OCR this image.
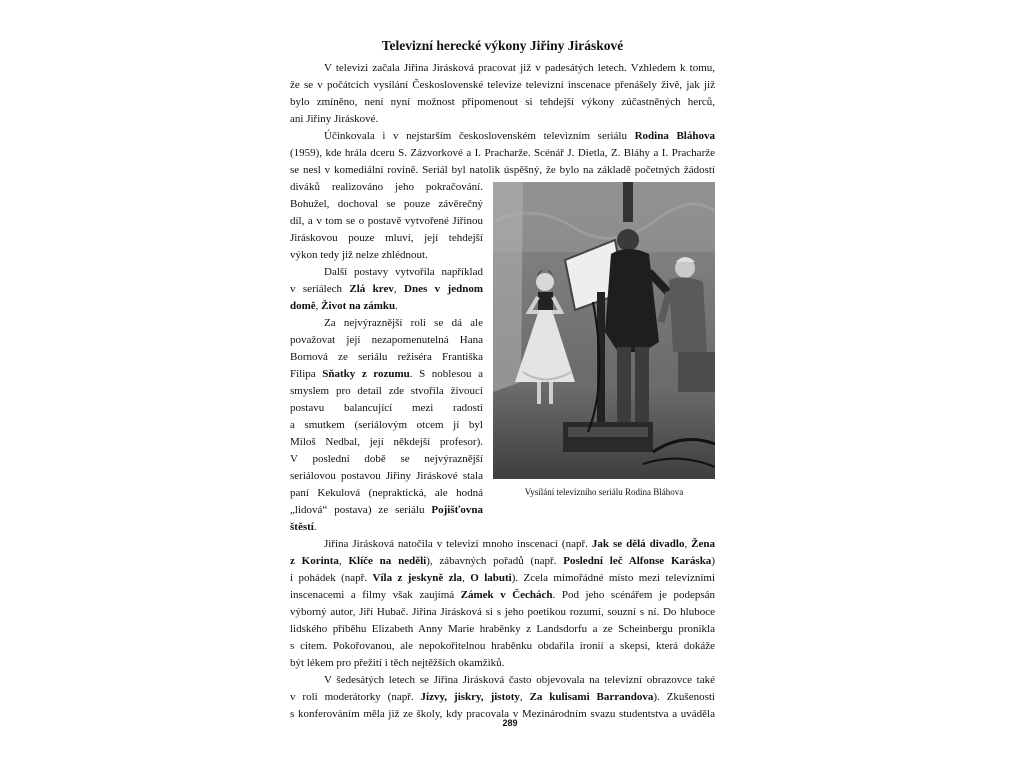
Televizní herecké výkony Jiřiny Jiráskové
V televizi začala Jiřina Jirásková pracovat již v padesátých letech. Vzhledem k tomu,
že se v počátcích vysílání Československé televize televizní inscenace přenášely živě, jak již
bylo zmíněno, není nyní možnost připomenout si tehdejší výkony zúčastněných herců,
ani Jiřiny Jiráskové.
Účinkovala i v nejstarším československém televizním seriálu Rodina Bláhova
(1959), kde hrála dceru S. Zázvorkové a I. Pracharže. Scénář J. Dietla, Z. Bláhy a I. Pracharže
se nesl v komediální rovině. Seriál byl natolik úspěšný, že bylo na základě početných žádostí
diváků realizováno jeho pokračování.
Bohužel, dochoval se pouze závěrečný
díl, a v tom se o postavě vytvořené Jiřinou
Jiráskovou pouze mluví, její tehdejší
výkon tedy již nelze zhlédnout.
Další postavy vytvořila například
v seriálech Zlá krev, Dnes v jednom
domě, Život na zámku.
Za nejvýraznější roli se dá ale
považovat její nezapomenutelná Hana
Bornová ze seriálu režiséra Františka
Filipa Sňatky z rozumu. S noblesou a
smyslem pro detail zde stvořila živoucí
postavu balancující mezi radostí
a smutkem (seriálovým otcem jí byl
Miloš Nedbal, její někdejší profesor).
V poslední době se nejvýraznější
seriálovou postavou Jiřiny Jiráskové stala
paní Kekulová (nepraktická, ale hodná
„lidová“ postava) ze seriálu Pojišťovna
štěstí.
Vysílání televizního seriálu Rodina Bláhova
Jiřina Jirásková natočila v televizi mnoho inscenací (např. Jak se dělá divadlo, Žena
z Korinta, Klíče na neděli), zábavných pořadů (např. Poslední leč Alfonse Karáska)
i pohádek (např. Víla z jeskyně zla, O labuti). Zcela mimořádné místo mezi televizními
inscenacemi a filmy však zaujímá Zámek v Čechách. Pod jeho scénářem je podepsán
výborný autor, Jiří Hubač. Jiřina Jirásková si s jeho poetikou rozumí, souzní s ní. Do hluboce
lidského příběhu Elizabeth Anny Marie hraběnky z Landsdorfu a ze Scheinbergu pronikla
s citem. Pokořovanou, ale nepokořitelnou hraběnku obdařila ironií a skepsí, která dokáže
být lékem pro přežití i těch nejtěžších okamžiků.
V šedesátých letech se Jiřina Jirásková často objevovala na televizní obrazovce také
v roli moderátorky (např. Jízvy, jiskry, jistoty, Za kulisami Barrandova). Zkušenosti
s konferováním měla již ze školy, kdy pracovala v Mezinárodním svazu studentstva a uváděla
289
